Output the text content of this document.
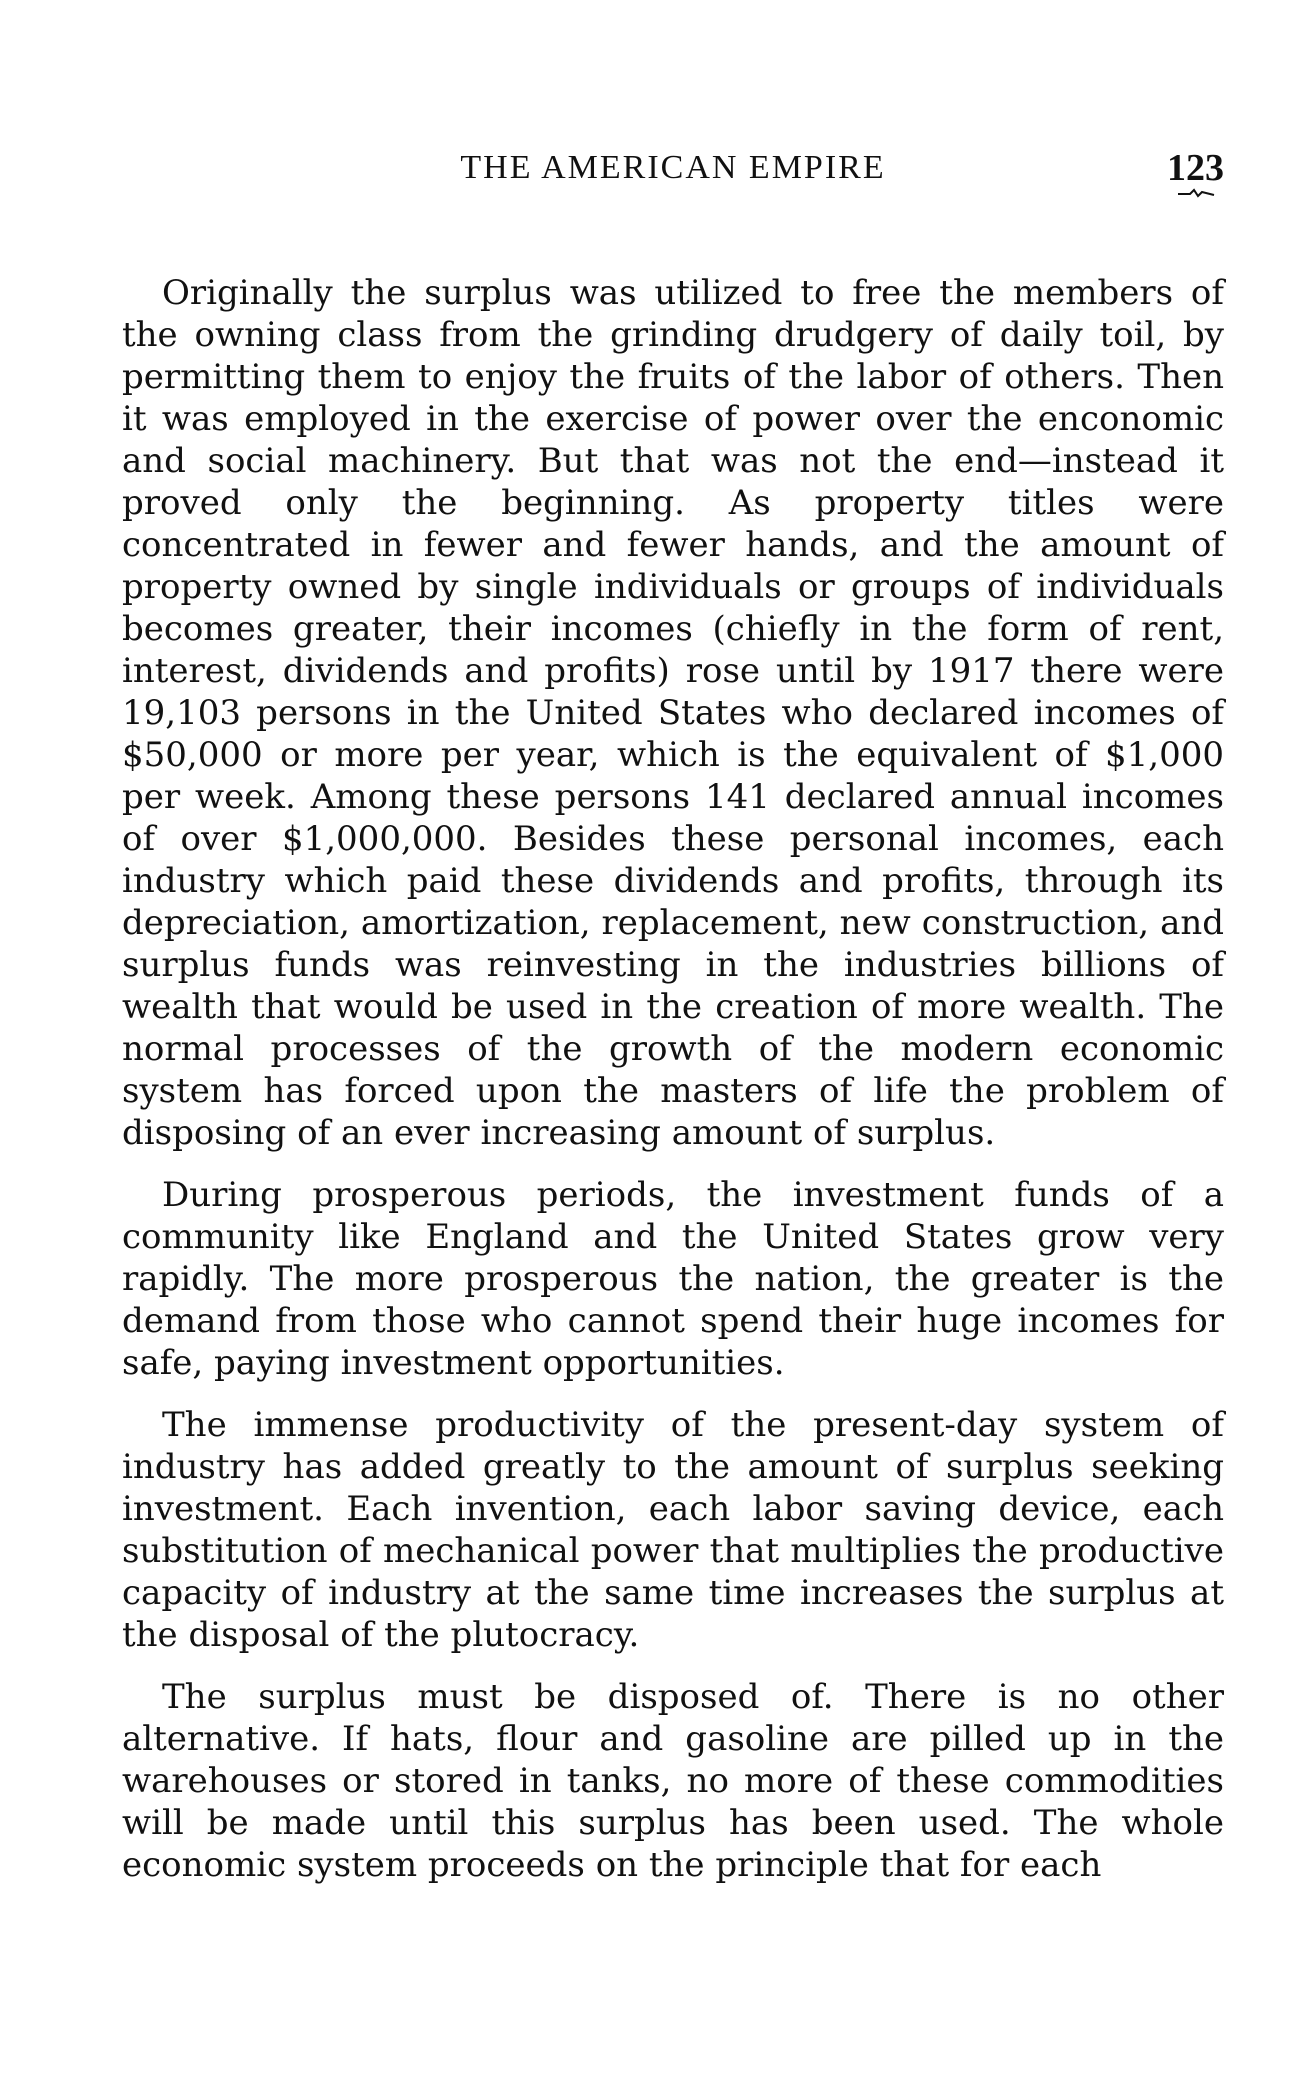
THE AMERICAN EMPIRE	123

Originally the surplus was utilized to free the members of the owning class from the grinding drudgery of daily toil, by permitting them to enjoy the fruits of the labor of others. Then it was employed in the exercise of power over the enconomic and social machinery. But that was not the end—instead it proved only the beginning. As property titles were concentrated in fewer and fewer hands, and the amount of property owned by single individuals or groups of individuals becomes greater, their incomes (chiefly in the form of rent, interest, dividends and profits) rose until by 1917 there were 19,103 persons in the United States who declared incomes of $50,000 or more per year, which is the equivalent of $1,000 per week. Among these persons 141 declared annual incomes of over $1,000,000. Besides these personal incomes, each industry which paid these dividends and profits, through its depreciation, amortization, replacement, new construction, and surplus funds was reinvesting in the industries billions of wealth that would be used in the creation of more wealth. The normal processes of the growth of the modern economic system has forced upon the masters of life the problem of disposing of an ever increasing amount of surplus.

During prosperous periods, the investment funds of a community like England and the United States grow very rapidly. The more prosperous the nation, the greater is the demand from those who cannot spend their huge incomes for safe, paying investment opportunities.

The immense productivity of the present-day system of industry has added greatly to the amount of surplus seeking investment. Each invention, each labor saving device, each substitution of mechanical power that multiplies the productive capacity of industry at the same time increases the surplus at the disposal of the plutocracy.

The surplus must be disposed of. There is no other alternative. If hats, flour and gasoline are pilled up in the warehouses or stored in tanks, no more of these commodities will be made until this surplus has been used. The whole economic system proceeds on the principle that for each
